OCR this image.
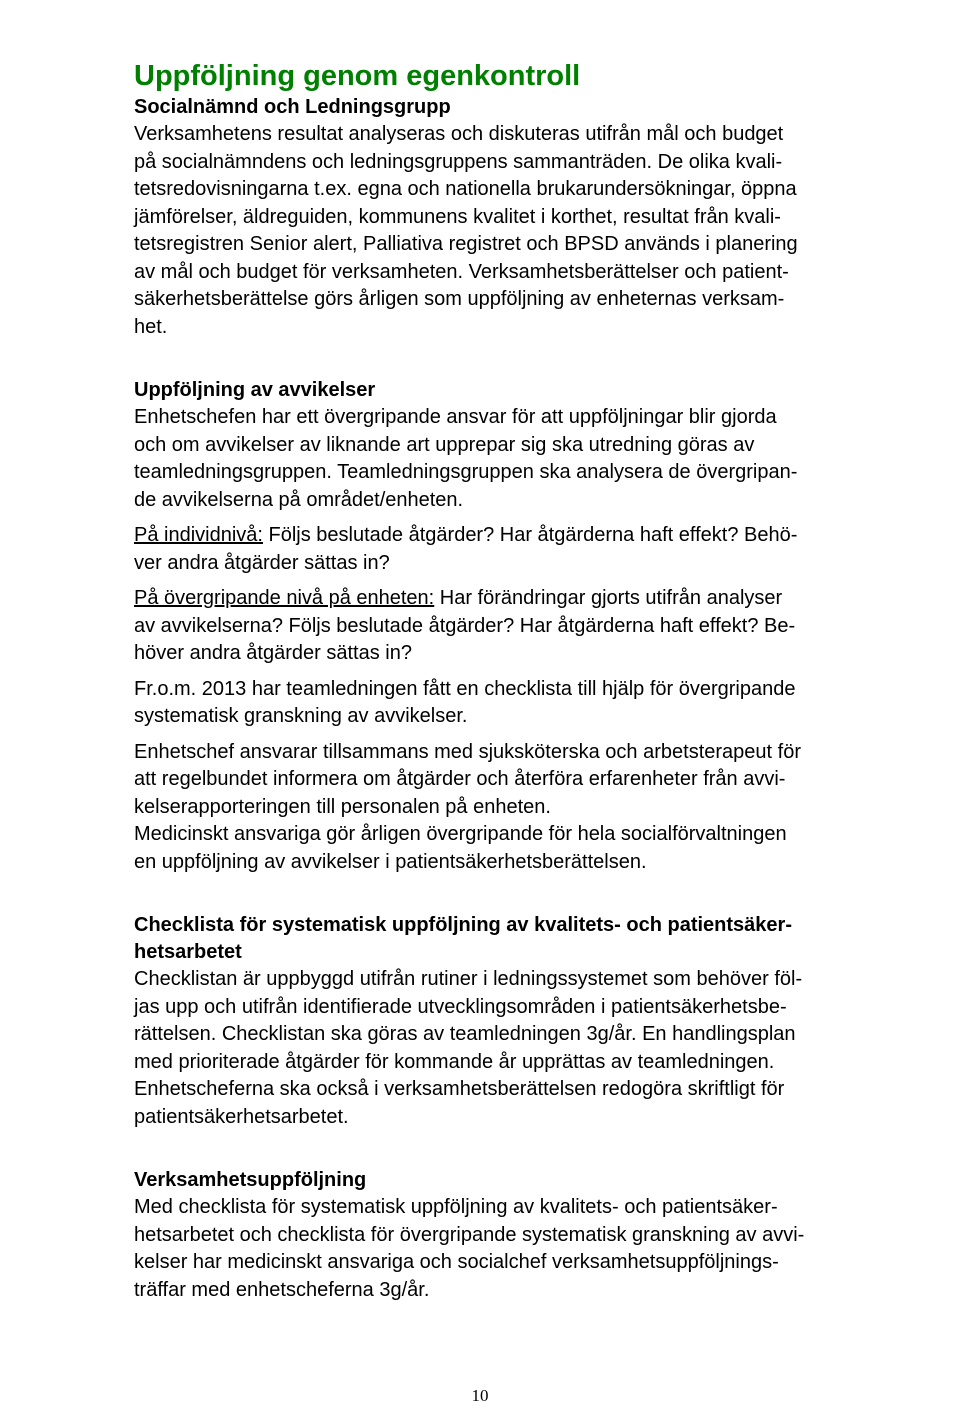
Uppföljning genom egenkontroll
Socialnämnd och Ledningsgrupp

Verksamhetens resultat analyseras och diskuteras utifrån mål och budget
på socialnämndens och ledningsgruppens sammanträden. De olika kvali-
tetsredovisningarna t.ex. egna och nationella brukarundersökningar, öppna
jämförelser, äldreguiden, kommunens kvalitet i korthet, resultat från kvali-
tetsregistren Senior alert, Palliativa registret och BPSD används i planering
av mål och budget för verksamheten. Verksamhetsberättelser och patient-
säkerhetsberättelse görs årligen som uppföljning av enheternas verksam-
het.

Uppföljning av avvikelser

Enhetschefen har ett övergripande ansvar för att uppföljningar blir gjorda
och om avvikelser av liknande art upprepar sig ska utredning göras av
teamledningsgruppen. Teamledningsgruppen ska analysera de övergripan-
de avvikelserna på området/enheten.

På individnivå: Följs beslutade åtgärder? Har åtgärderna haft effekt? Behö-
ver andra åtgärder sättas in?

På övergripande nivå på enheten: Har förändringar gjorts utifrån analyser
av avvikelserna? Följs beslutade åtgärder? Har åtgärderna haft effekt? Be-
höver andra åtgärder sättas in?

Fr.o.m. 2013 har teamledningen fått en checklista till hjälp för övergripande
systematisk granskning av avvikelser.

Enhetschef ansvarar tillsammans med sjuksköterska och arbetsterapeut för
att regelbundet informera om åtgärder och återföra erfarenheter från avvi-
kelserapporteringen till personalen på enheten.
Medicinskt ansvariga gör årligen övergripande för hela socialförvaltningen
en uppföljning av avvikelser i patientsäkerhetsberättelsen.

Checklista för systematisk uppföljning av kvalitets- och patientsäker-
hetsarbetet

Checklistan är uppbyggd utifrån rutiner i ledningssystemet som behöver föl-
jas upp och utifrån identifierade utvecklingsområden i patientsäkerhetsbe-
rättelsen. Checklistan ska göras av teamledningen 3g/år. En handlingsplan
med prioriterade åtgärder för kommande år upprättas av teamledningen.
Enhetscheferna ska också i verksamhetsberättelsen redogöra skriftligt för
patientsäkerhetsarbetet.

Verksamhetsuppföljning

Med checklista för systematisk uppföljning av kvalitets- och patientsäker-
hetsarbetet och checklista för övergripande systematisk granskning av avvi-
kelser har medicinskt ansvariga och socialchef verksamhetsuppföljnings-
träffar med enhetscheferna 3g/år.

10
